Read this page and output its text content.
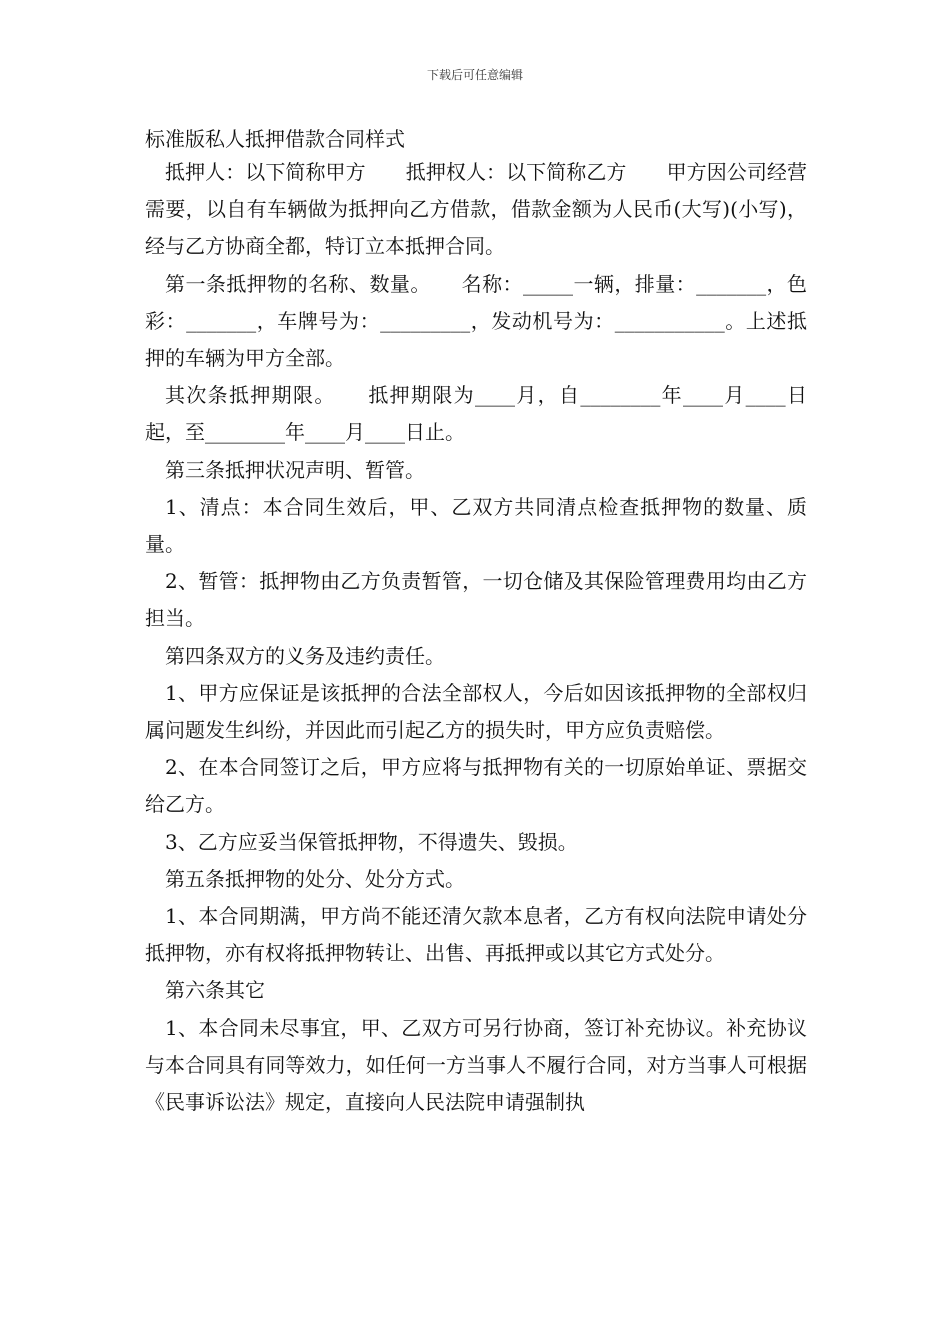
下载后可任意编辑
标准版私人抵押借款合同样式

抵押人：以下简称甲方　　抵押权人：以下简称乙方　　甲方因公司经营需要，以自有车辆做为抵押向乙方借款，借款金额为人民币(大写)(小写)，经与乙方协商全都，特订立本抵押合同。

第一条抵押物的名称、数量。　　名称：_____一辆，排量：_______，色彩：_______，车牌号为：_________，发动机号为：___________。上述抵押的车辆为甲方全部。

其次条抵押期限。　　抵押期限为____月，自________年____月____日起，至________年____月____日止。

第三条抵押状况声明、暂管。

1、清点：本合同生效后，甲、乙双方共同清点检查抵押物的数量、质量。

2、暂管：抵押物由乙方负责暂管，一切仓储及其保险管理费用均由乙方担当。

第四条双方的义务及违约责任。

1、甲方应保证是该抵押的合法全部权人，今后如因该抵押物的全部权归属问题发生纠纷，并因此而引起乙方的损失时，甲方应负责赔偿。

2、在本合同签订之后，甲方应将与抵押物有关的一切原始单证、票据交给乙方。

3、乙方应妥当保管抵押物，不得遗失、毁损。

第五条抵押物的处分、处分方式。

1、本合同期满，甲方尚不能还清欠款本息者，乙方有权向法院申请处分抵押物，亦有权将抵押物转让、出售、再抵押或以其它方式处分。

第六条其它

1、本合同未尽事宜，甲、乙双方可另行协商，签订补充协议。补充协议与本合同具有同等效力，如任何一方当事人不履行合同，对方当事人可根据《民事诉讼法》规定，直接向人民法院申请强制执
